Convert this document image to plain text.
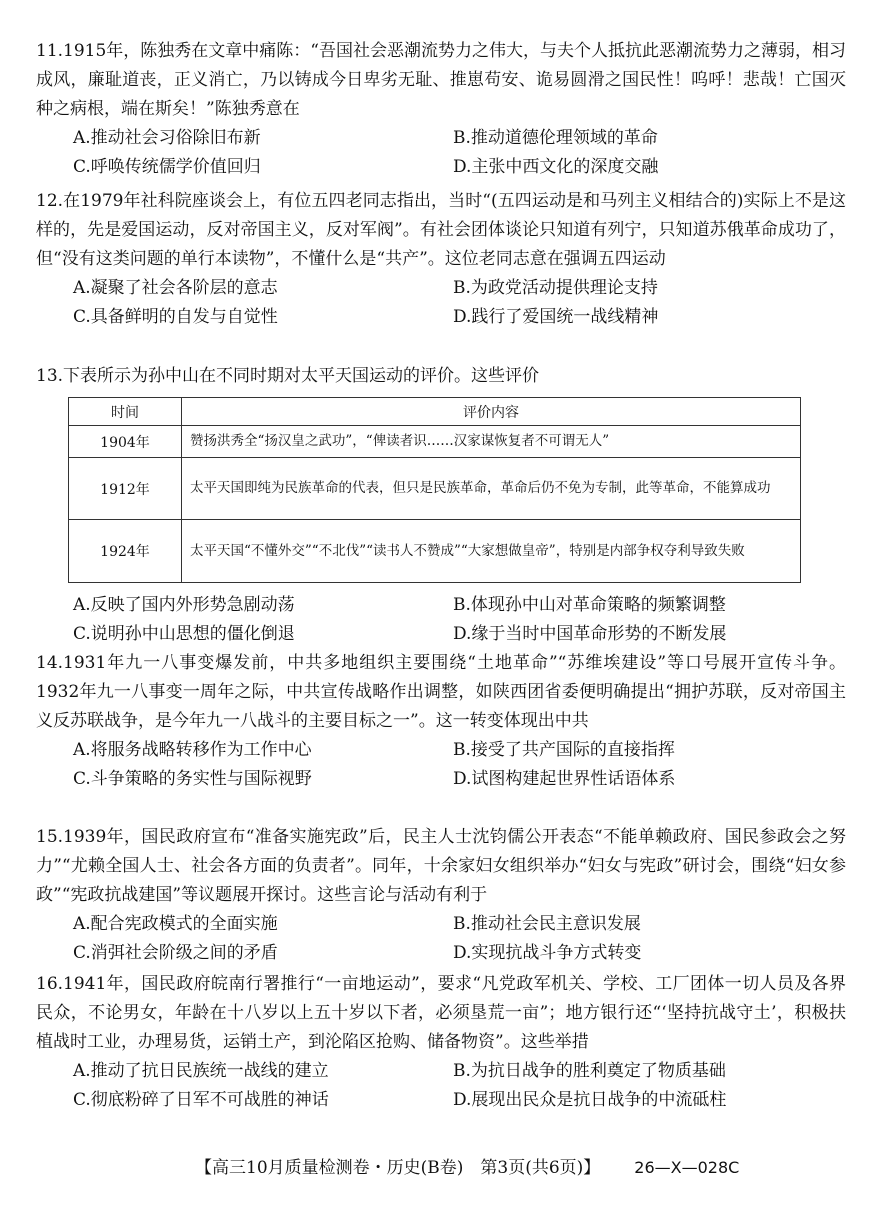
11.1915年，陈独秀在文章中痛陈：“吾国社会恶潮流势力之伟大，与夫个人抵抗此恶潮流势力之薄弱，相习成风，廉耻道丧，正义消亡，乃以铸成今日卑劣无耻、推崽苟安、诡易圆滑之国民性！呜呼！悲哉！亡国灭种之病根，端在斯矣！”陈独秀意在

A.推动社会习俗除旧布新	B.推动道德伦理领域的革命
C.呼唤传统儒学价值回归	D.主张中西文化的深度交融

12.在1979年社科院座谈会上，有位五四老同志指出，当时“(五四运动是和马列主义相结合的)实际上不是这样的，先是爱国运动，反对帝国主义，反对军阀”。有社会团体谈论只知道有列宁，只知道苏俄革命成功了，但“没有这类问题的单行本读物”，不懂什么是“共产”。这位老同志意在强调五四运动

A.凝聚了社会各阶层的意志	B.为政党活动提供理论支持
C.具备鲜明的自发与自觉性	D.践行了爱国统一战线精神

13.下表所示为孙中山在不同时期对太平天国运动的评价。这些评价

时间	评价内容
1904年	赞扬洪秀全“扬汉皇之武功”，“俾读者识……汉家谋恢复者不可谓无人”
1912年	太平天国即纯为民族革命的代表，但只是民族革命，革命后仍不免为专制，此等革命，不能算成功
1924年	太平天国“不懂外交”“不北伐”“读书人不赞成”“大家想做皇帝”，特别是内部争权夺利导致失败
A.反映了国内外形势急剧动荡	B.体现孙中山对革命策略的频繁调整
C.说明孙中山思想的僵化倒退	D.缘于当时中国革命形势的不断发展

14.1931年九一八事变爆发前，中共多地组织主要围绕“土地革命”“苏维埃建设”等口号展开宣传斗争。1932年九一八事变一周年之际，中共宣传战略作出调整，如陕西团省委便明确提出“拥护苏联，反对帝国主义反苏联战争，是今年九一八战斗的主要目标之一”。这一转变体现出中共

A.将服务战略转移作为工作中心	B.接受了共产国际的直接指挥
C.斗争策略的务实性与国际视野	D.试图构建起世界性话语体系

15.1939年，国民政府宣布“准备实施宪政”后，民主人士沈钧儒公开表态“不能单赖政府、国民参政会之努力”“尤赖全国人士、社会各方面的负责者”。同年，十余家妇女组织举办“妇女与宪政”研讨会，围绕“妇女参政”“宪政抗战建国”等议题展开探讨。这些言论与活动有利于

A.配合宪政模式的全面实施	B.推动社会民主意识发展
C.消弭社会阶级之间的矛盾	D.实现抗战斗争方式转变

16.1941年，国民政府皖南行署推行“一亩地运动”，要求“凡党政军机关、学校、工厂团体一切人员及各界民众，不论男女，年龄在十八岁以上五十岁以下者，必须垦荒一亩”；地方银行还“‘坚持抗战守土’，积极扶植战时工业，办理易货，运销土产，到沦陷区抢购、储备物资”。这些举措

A.推动了抗日民族统一战线的建立	B.为抗日战争的胜利奠定了物质基础
C.彻底粉碎了日军不可战胜的神话	D.展现出民众是抗日战争的中流砥柱
【高三10月质量检测卷・历史(B卷)　第3页(共6页)】 26—X—028C
